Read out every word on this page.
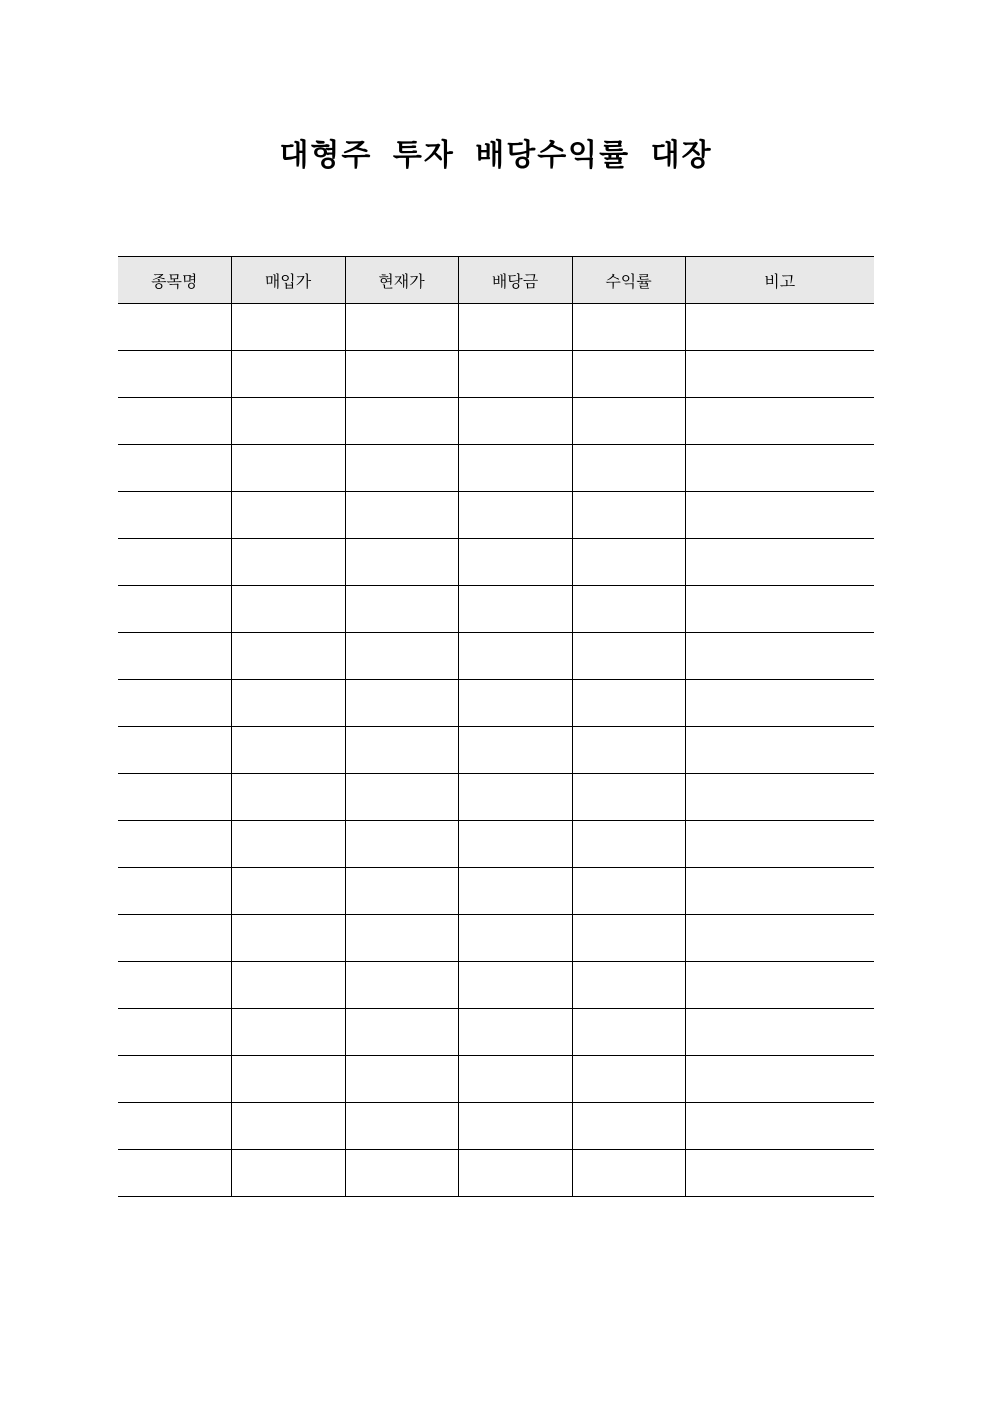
대형주 투자 배당수익률 대장
종목명	매입가	현재가	배당금	수익률	비고
